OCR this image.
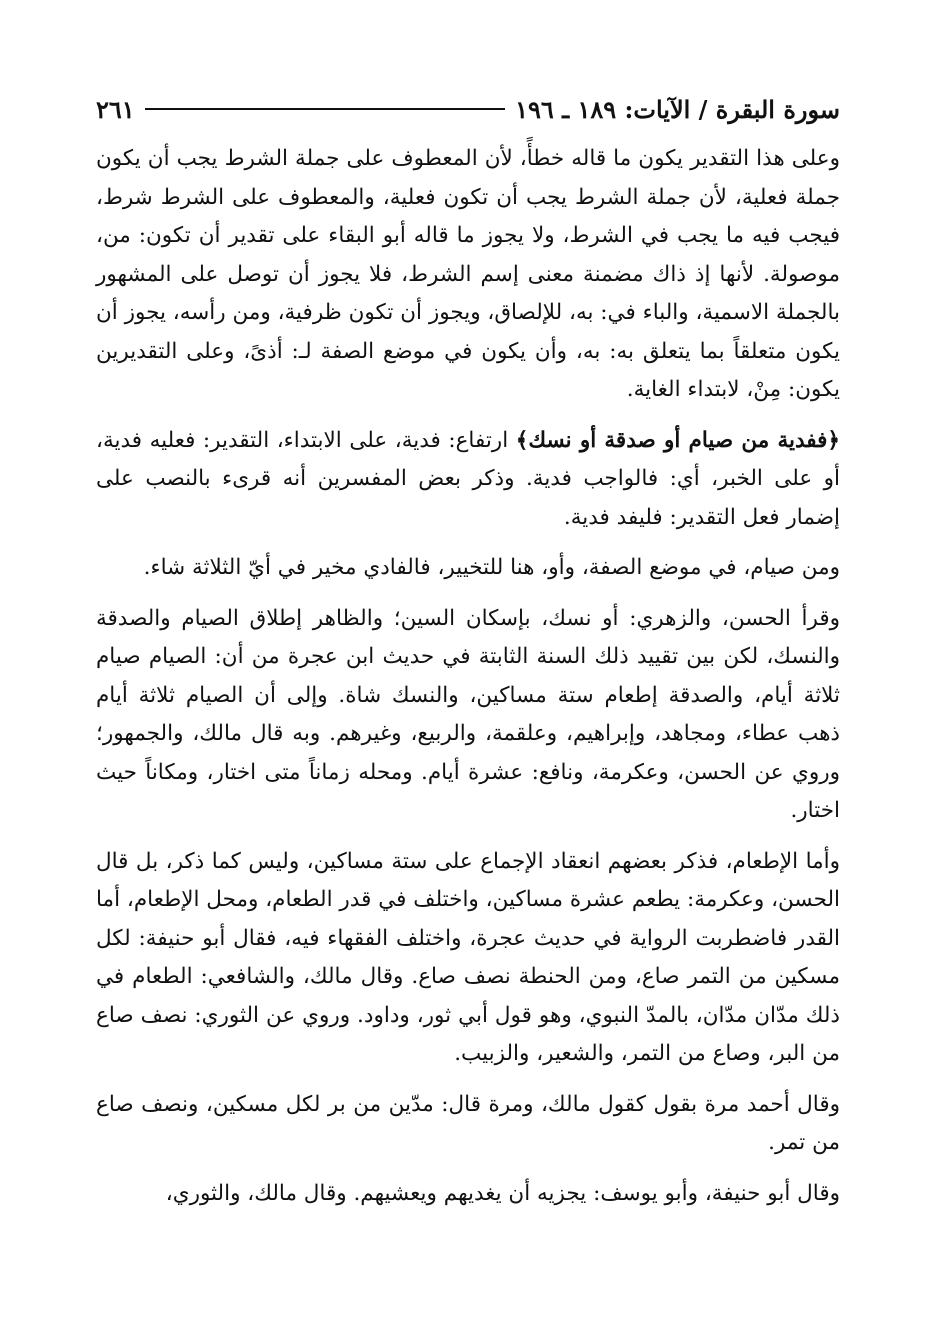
سورة البقرة / الآيات: ١٨٩ ـ ١٩٦
٢٦١

وعلى هذا التقدير يكون ما قاله خطأً، لأن المعطوف على جملة الشرط يجب أن يكون جملة فعلية، لأن جملة الشرط يجب أن تكون فعلية، والمعطوف على الشرط شرط، فيجب فيه ما يجب في الشرط، ولا يجوز ما قاله أبو البقاء على تقدير أن تكون: من، موصولة. لأنها إذ ذاك مضمنة معنى إسم الشرط، فلا يجوز أن توصل على المشهور بالجملة الاسمية، والباء في: به، للإلصاق، ويجوز أن تكون ظرفية، ومن رأسه، يجوز أن يكون متعلقاً بما يتعلق به: به، وأن يكون في موضع الصفة لـ: أذىً، وعلى التقديرين يكون: مِنْ، لابتداء الغاية.

﴿ففدية من صيام أو صدقة أو نسك﴾ ارتفاع: فدية، على الابتداء، التقدير: فعليه فدية، أو على الخبر، أي: فالواجب فدية. وذكر بعض المفسرين أنه قرىء بالنصب على إضمار فعل التقدير: فليفد فدية.

ومن صيام، في موضع الصفة، وأو، هنا للتخيير، فالفادي مخير في أيّ الثلاثة شاء.

وقرأ الحسن، والزهري: أو نسك، بإسكان السين؛ والظاهر إطلاق الصيام والصدقة والنسك، لكن بين تقييد ذلك السنة الثابتة في حديث ابن عجرة من أن: الصيام صيام ثلاثة أيام، والصدقة إطعام ستة مساكين، والنسك شاة. وإلى أن الصيام ثلاثة أيام ذهب عطاء، ومجاهد، وإبراهيم، وعلقمة، والربيع، وغيرهم. وبه قال مالك، والجمهور؛ وروي عن الحسن، وعكرمة، ونافع: عشرة أيام. ومحله زماناً متى اختار، ومكاناً حيث اختار.

وأما الإطعام، فذكر بعضهم انعقاد الإجماع على ستة مساكين، وليس كما ذكر، بل قال الحسن، وعكرمة: يطعم عشرة مساكين، واختلف في قدر الطعام، ومحل الإطعام، أما القدر فاضطربت الرواية في حديث عجرة، واختلف الفقهاء فيه، فقال أبو حنيفة: لكل مسكين من التمر صاع، ومن الحنطة نصف صاع. وقال مالك، والشافعي: الطعام في ذلك مدّان مدّان، بالمدّ النبوي، وهو قول أبي ثور، وداود. وروي عن الثوري: نصف صاع من البر، وصاع من التمر، والشعير، والزبيب.

وقال أحمد مرة بقول كقول مالك، ومرة قال: مدّين من بر لكل مسكين، ونصف صاع من تمر.

وقال أبو حنيفة، وأبو يوسف: يجزيه أن يغديهم ويعشيهم. وقال مالك، والثوري،
